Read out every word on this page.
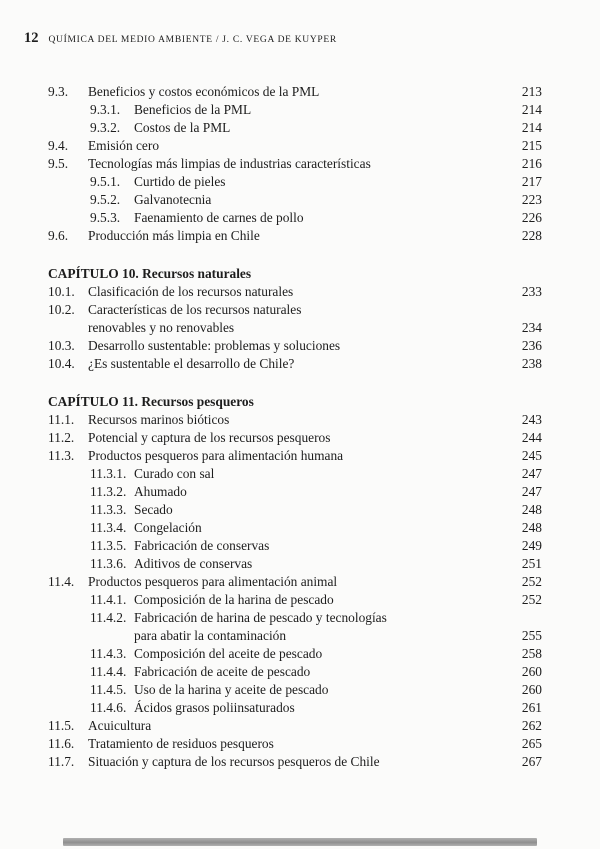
12 QUÍMICA DEL MEDIO AMBIENTE / J. C. VEGA DE KUYPER
9.3.	Beneficios y costos económicos de la PML	213
9.3.1.	Beneficios de la PML	214
9.3.2.	Costos de la PML	214
9.4.	Emisión cero	215
9.5.	Tecnologías más limpias de industrias características	216
9.5.1.	Curtido de pieles	217
9.5.2.	Galvanotecnia	223
9.5.3.	Faenamiento de carnes de pollo	226
9.6.	Producción más limpia en Chile	228
CAPÍTULO 10. Recursos naturales
10.1. Clasificación de los recursos naturales	233
10.2. Características de los recursos naturales
renovables y no renovables	234
10.3. Desarrollo sustentable: problemas y soluciones	236
10.4. ¿Es sustentable el desarrollo de Chile?	238
CAPÍTULO 11. Recursos pesqueros
11.1.	Recursos marinos bióticos	243
11.2.	Potencial y captura de los recursos pesqueros	244
11.3.	Productos pesqueros para alimentación humana	245
11.3.1. Curado con sal	247
11.3.2. Ahumado	247
11.3.3. Secado	248
11.3.4. Congelación	248
11.3.5. Fabricación de conservas	249
11.3.6. Aditivos de conservas	251
11.4.	Productos pesqueros para alimentación animal	252
11.4.1. Composición de la harina de pescado	252
11.4.2. Fabricación de harina de pescado y tecnologías
para abatir la contaminación	255
11.4.3. Composición del aceite de pescado	258
11.4.4. Fabricación de aceite de pescado	260
11.4.5. Uso de la harina y aceite de pescado	260
11.4.6. Ácidos grasos poliinsaturados	261
11.5.	Acuicultura	262
11.6.	Tratamiento de residuos pesqueros	265
11.7.	Situación y captura de los recursos pesqueros de Chile	267
